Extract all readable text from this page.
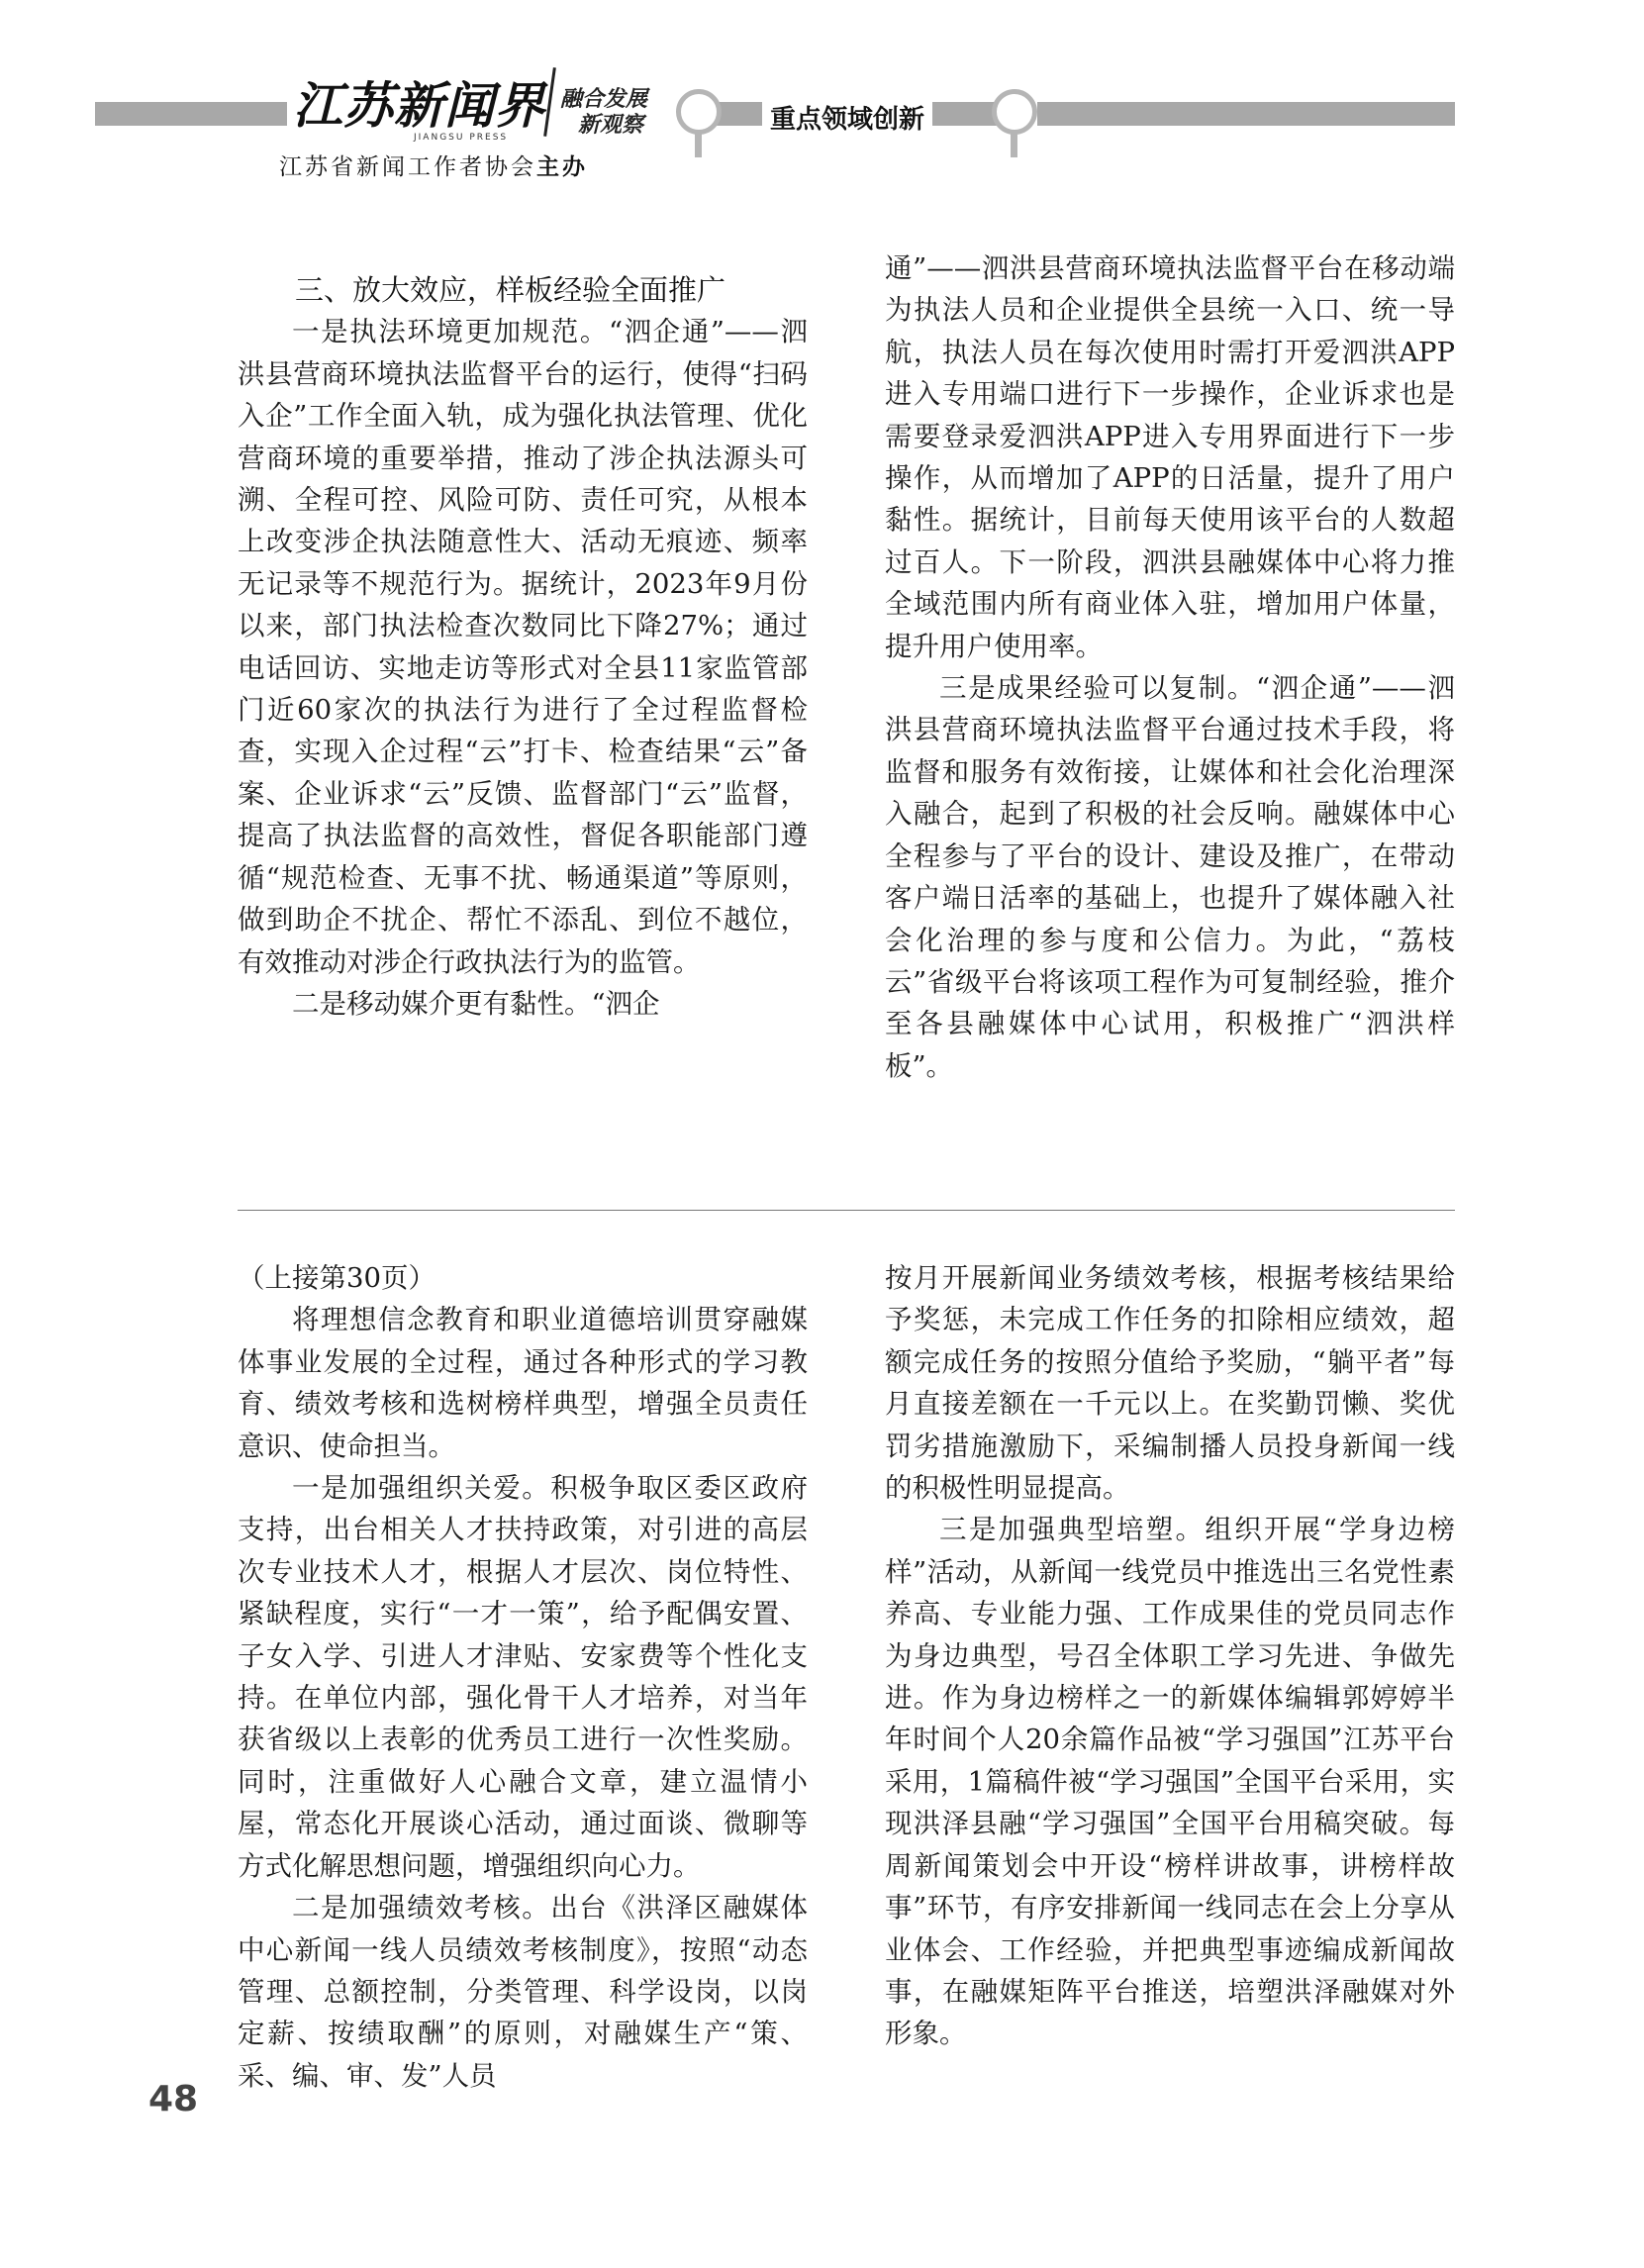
江苏新闻界
JIANGSU PRESS
融合发展
新观察	重点领域创新
江苏省新闻工作者协会主办
三、放大效应，样板经验全面推广

一是执法环境更加规范。“泗企通”——泗洪县营商环境执法监督平台的运行，使得“扫码入企”工作全面入轨，成为强化执法管理、优化营商环境的重要举措，推动了涉企执法源头可溯、全程可控、风险可防、责任可究，从根本上改变涉企执法随意性大、活动无痕迹、频率无记录等不规范行为。据统计，2023年9月份以来，部门执法检查次数同比下降27%；通过电话回访、实地走访等形式对全县11家监管部门近60家次的执法行为进行了全过程监督检查，实现入企过程“云”打卡、检查结果“云”备案、企业诉求“云”反馈、监督部门“云”监督，提高了执法监督的高效性，督促各职能部门遵循“规范检查、无事不扰、畅通渠道”等原则，做到助企不扰企、帮忙不添乱、到位不越位，有效推动对涉企行政执法行为的监管。

二是移动媒介更有黏性。“泗企

通”——泗洪县营商环境执法监督平台在移动端为执法人员和企业提供全县统一入口、统一导航，执法人员在每次使用时需打开爱泗洪APP进入专用端口进行下一步操作，企业诉求也是需要登录爱泗洪APP进入专用界面进行下一步操作，从而增加了APP的日活量，提升了用户黏性。据统计，目前每天使用该平台的人数超过百人。下一阶段，泗洪县融媒体中心将力推全域范围内所有商业体入驻，增加用户体量，提升用户使用率。

三是成果经验可以复制。“泗企通”——泗洪县营商环境执法监督平台通过技术手段，将监督和服务有效衔接，让媒体和社会化治理深入融合，起到了积极的社会反响。融媒体中心全程参与了平台的设计、建设及推广，在带动客户端日活率的基础上，也提升了媒体融入社会化治理的参与度和公信力。为此，“荔枝云”省级平台将该项工程作为可复制经验，推介至各县融媒体中心试用，积极推广“泗洪样板”。

（上接第30页）

将理想信念教育和职业道德培训贯穿融媒体事业发展的全过程，通过各种形式的学习教育、绩效考核和选树榜样典型，增强全员责任意识、使命担当。

一是加强组织关爱。积极争取区委区政府支持，出台相关人才扶持政策，对引进的高层次专业技术人才，根据人才层次、岗位特性、紧缺程度，实行“一才一策”，给予配偶安置、子女入学、引进人才津贴、安家费等个性化支持。在单位内部，强化骨干人才培养，对当年获省级以上表彰的优秀员工进行一次性奖励。同时，注重做好人心融合文章，建立温情小屋，常态化开展谈心活动，通过面谈、微聊等方式化解思想问题，增强组织向心力。

二是加强绩效考核。出台《洪泽区融媒体中心新闻一线人员绩效考核制度》，按照“动态管理、总额控制，分类管理、科学设岗，以岗定薪、按绩取酬”的原则，对融媒生产“策、采、编、审、发”人员

按月开展新闻业务绩效考核，根据考核结果给予奖惩，未完成工作任务的扣除相应绩效，超额完成任务的按照分值给予奖励，“躺平者”每月直接差额在一千元以上。在奖勤罚懒、奖优罚劣措施激励下，采编制播人员投身新闻一线的积极性明显提高。

三是加强典型培塑。组织开展“学身边榜样”活动，从新闻一线党员中推选出三名党性素养高、专业能力强、工作成果佳的党员同志作为身边典型，号召全体职工学习先进、争做先进。作为身边榜样之一的新媒体编辑郭婷婷半年时间个人20余篇作品被“学习强国”江苏平台采用，1篇稿件被“学习强国”全国平台采用，实现洪泽县融“学习强国”全国平台用稿突破。每周新闻策划会中开设“榜样讲故事，讲榜样故事”环节，有序安排新闻一线同志在会上分享从业体会、工作经验，并把典型事迹编成新闻故事，在融媒矩阵平台推送，培塑洪泽融媒对外形象。

48
